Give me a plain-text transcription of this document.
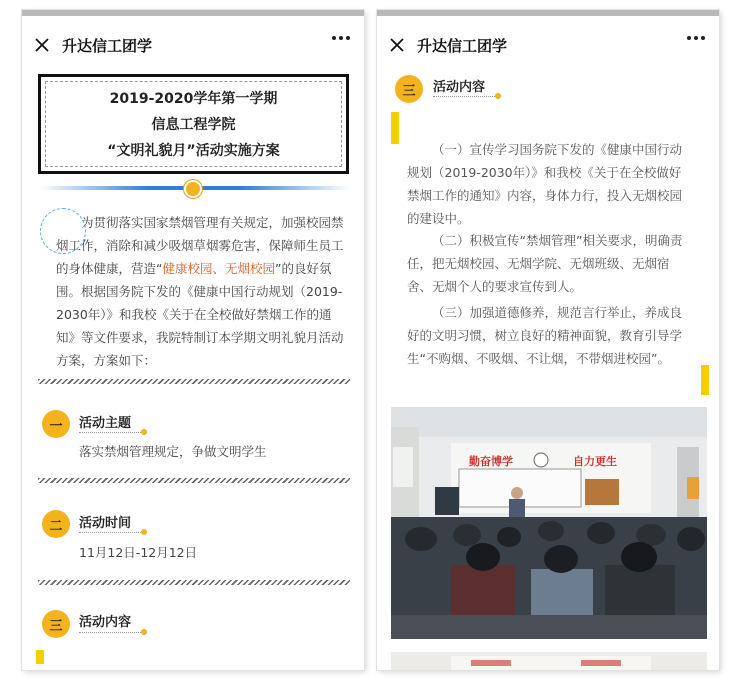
升达信工团学
2019-2020学年第一学期
信息工程学院
“文明礼貌月”活动实施方案

为贯彻落实国家禁烟管理有关规定，加强校园禁烟工作，消除和减少吸烟草烟雾危害，保障师生员工的身体健康，营造“健康校园、无烟校园”的良好氛围。根据国务院下发的《健康中国行动规划（2019-2030年）》和我校《关于在全校做好禁烟工作的通知》等文件要求，我院特制订本学期文明礼貌月活动方案，方案如下：

一	活动主题
落实禁烟管理规定，争做文明学生
二	活动时间
11月12日-12月12日
三	活动内容
升达信工团学
三	活动内容

（一）宣传学习国务院下发的《健康中国行动规划（2019-2030年）》和我校《关于在全校做好禁烟工作的通知》内容，身体力行，投入无烟校园的建设中。

（二）积极宣传“禁烟管理”相关要求，明确责任，把无烟校园、无烟学院、无烟班级、无烟宿舍、无烟个人的要求宣传到人。

（三）加强道德修养，规范言行举止，养成良好的文明习惯，树立良好的精神面貌，教育引导学生“不购烟、不吸烟、不让烟，不带烟进校园”。

勤奋博学	自力更生
